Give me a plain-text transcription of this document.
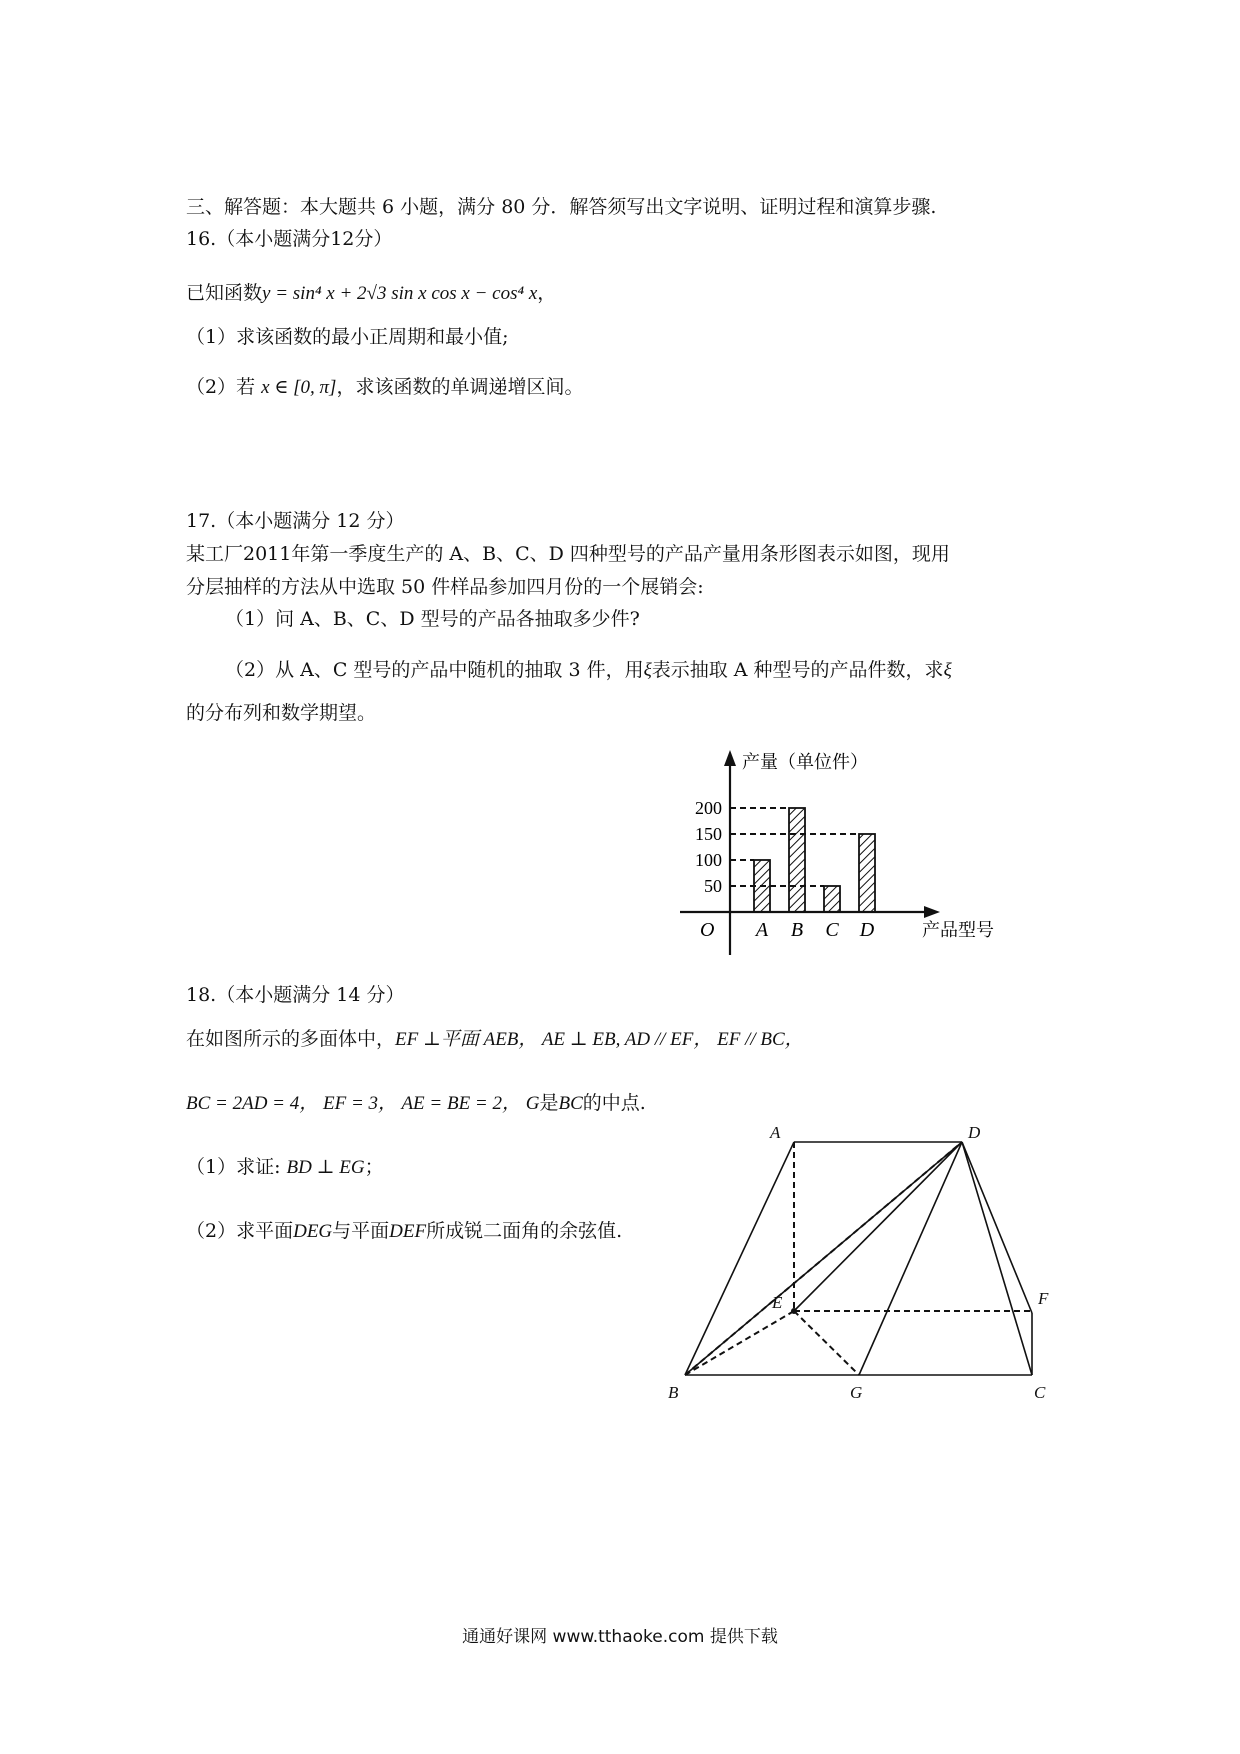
三、解答题：本大题共 6 小题，满分 80 分．解答须写出文字说明、证明过程和演算步骤.
16.（本小题满分12分）
已知函数y = sin⁴ x + 2√3 sin x cos x − cos⁴ x，
（1）求该函数的最小正周期和最小值;
（2）若 x ∈ [0, π]，求该函数的单调递增区间。
17.（本小题满分 12 分）
某工厂2011年第一季度生产的 A、B、C、D 四种型号的产品产量用条形图表示如图，现用
分层抽样的方法从中选取 50 件样品参加四月份的一个展销会:
（1）问 A、B、C、D 型号的产品各抽取多少件?
（2）从 A、C 型号的产品中随机的抽取 3 件，用ξ表示抽取 A 种型号的产品件数，求ξ
的分布列和数学期望。
产量（单位件）
产品型号
O
50
100
150
200
A B C D
18.（本小题满分 14 分）
在如图所示的多面体中，EF ⊥平面 AEB， AE ⊥ EB, AD // EF， EF // BC，
BC = 2AD = 4， EF = 3， AE = BE = 2， G是BC的中点.
（1）求证: BD ⊥ EG；
（2）求平面DEG与平面DEF所成锐二面角的余弦值.
A	D
E	F
B	G	C
通通好课网 www.tthaoke.com 提供下载
